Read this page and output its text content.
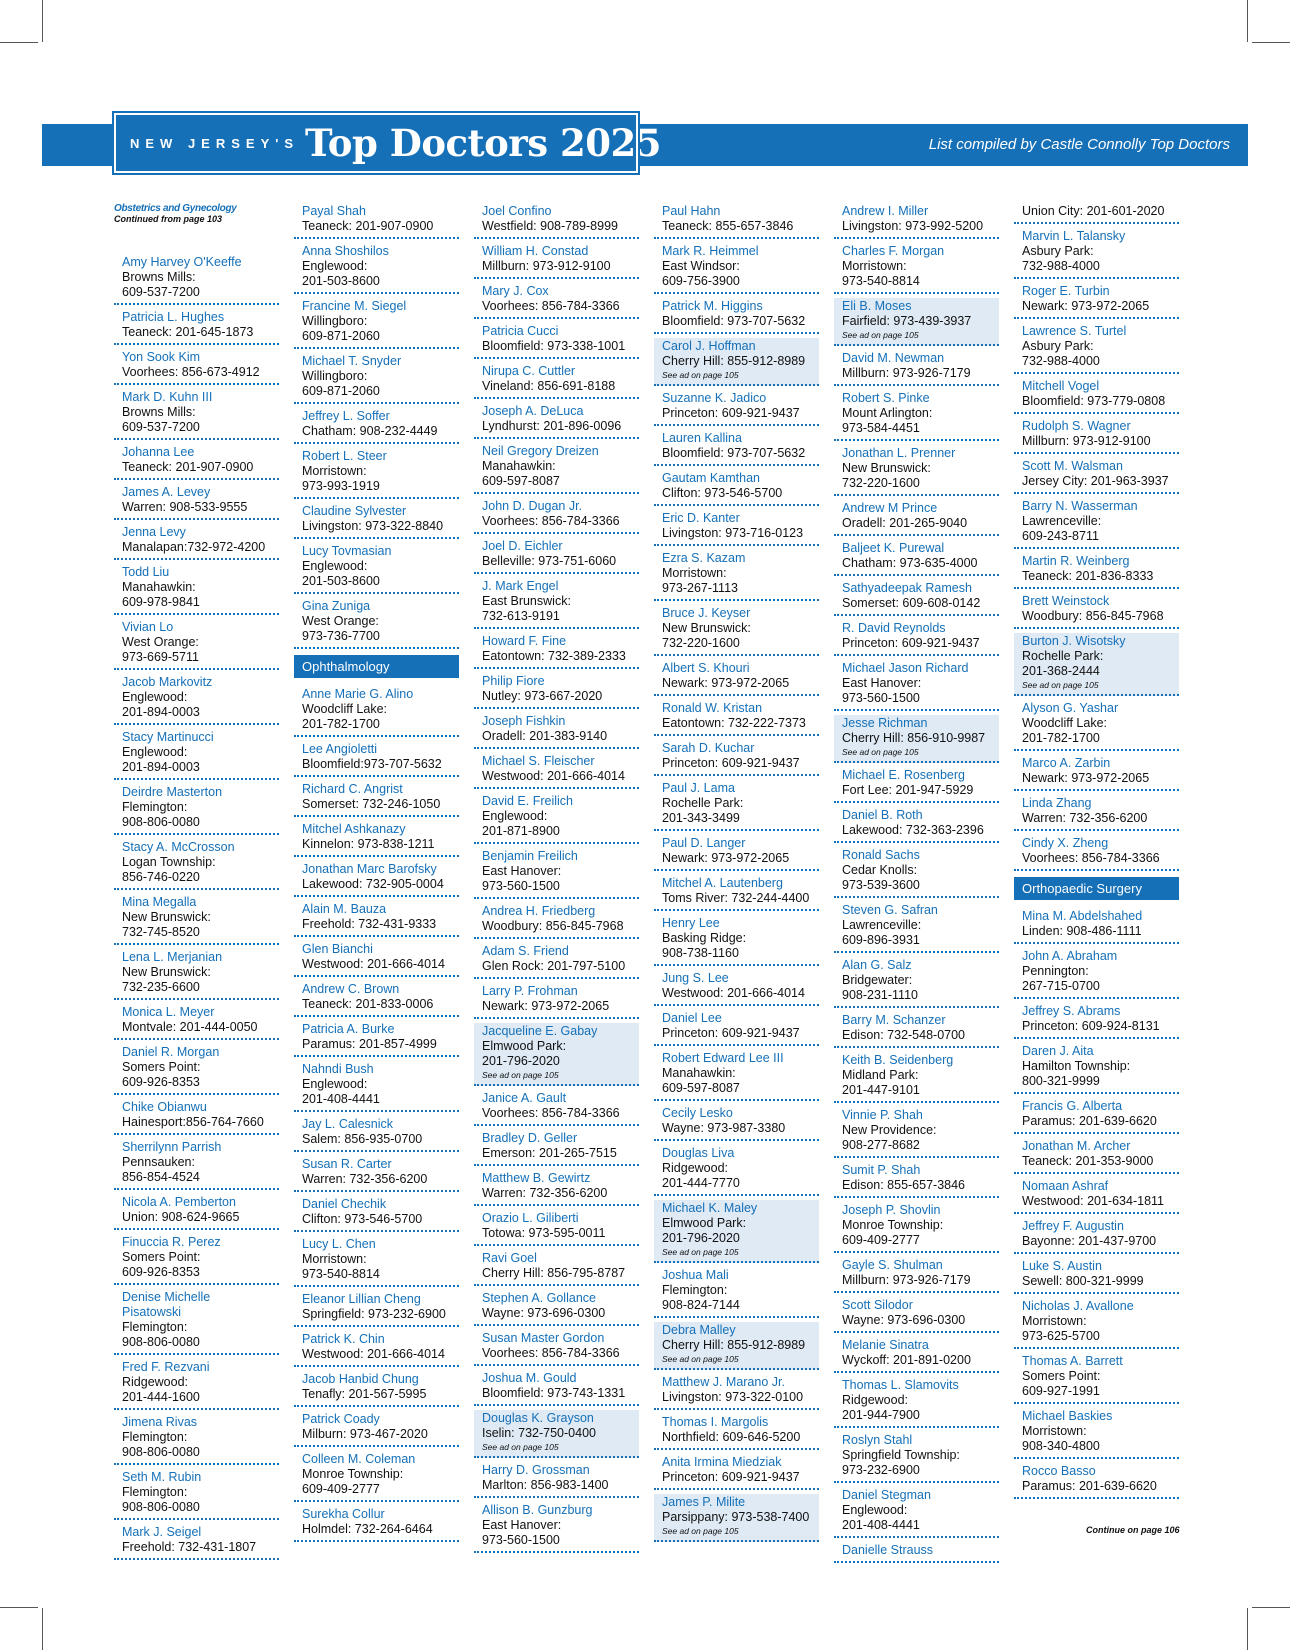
NEW JERSEY'S Top Doctors 2025	List compiled by Castle Connolly Top Doctors
Obstetrics and Gynecology
Continued from page 103
Amy Harvey O'Keeffe
Browns Mills:
609-537-7200
Patricia L. Hughes
Teaneck: 201-645-1873
Yon Sook Kim
Voorhees: 856-673-4912
Mark D. Kuhn III
Browns Mills:
609-537-7200
Johanna Lee
Teaneck: 201-907-0900
James A. Levey
Warren: 908-533-9555
Jenna Levy
Manalapan:732-972-4200
Todd Liu
Manahawkin:
609-978-9841
Vivian Lo
West Orange:
973-669-5711
Jacob Markovitz
Englewood:
201-894-0003
Stacy Martinucci
Englewood:
201-894-0003
Deirdre Masterton
Flemington:
908-806-0080
Stacy A. McCrosson
Logan Township:
856-746-0220
Mina Megalla
New Brunswick:
732-745-8520
Lena L. Merjanian
New Brunswick:
732-235-6600
Monica L. Meyer
Montvale: 201-444-0050
Daniel R. Morgan
Somers Point:
609-926-8353
Chike Obianwu
Hainesport:856-764-7660
Sherrilynn Parrish
Pennsauken:
856-854-4524
Nicola A. Pemberton
Union: 908-624-9665
Finuccia R. Perez
Somers Point:
609-926-8353
Denise Michelle
Pisatowski
Flemington:
908-806-0080
Fred F. Rezvani
Ridgewood:
201-444-1600
Jimena Rivas
Flemington:
908-806-0080
Seth M. Rubin
Flemington:
908-806-0080
Mark J. Seigel
Freehold: 732-431-1807
Payal Shah
Teaneck: 201-907-0900
Anna Shoshilos
Englewood:
201-503-8600
Francine M. Siegel
Willingboro:
609-871-2060
Michael T. Snyder
Willingboro:
609-871-2060
Jeffrey L. Soffer
Chatham: 908-232-4449
Robert L. Steer
Morristown:
973-993-1919
Claudine Sylvester
Livingston: 973-322-8840
Lucy Tovmasian
Englewood:
201-503-8600
Gina Zuniga
West Orange:
973-736-7700
Ophthalmology
Anne Marie G. Alino
Woodcliff Lake:
201-782-1700
Lee Angioletti
Bloomfield:973-707-5632
Richard C. Angrist
Somerset: 732-246-1050
Mitchel Ashkanazy
Kinnelon: 973-838-1211
Jonathan Marc Barofsky
Lakewood: 732-905-0004
Alain M. Bauza
Freehold: 732-431-9333
Glen Bianchi
Westwood: 201-666-4014
Andrew C. Brown
Teaneck: 201-833-0006
Patricia A. Burke
Paramus: 201-857-4999
Nahndi Bush
Englewood:
201-408-4441
Jay L. Calesnick
Salem: 856-935-0700
Susan R. Carter
Warren: 732-356-6200
Daniel Chechik
Clifton: 973-546-5700
Lucy L. Chen
Morristown:
973-540-8814
Eleanor Lillian Cheng
Springfield: 973-232-6900
Patrick K. Chin
Westwood: 201-666-4014
Jacob Hanbid Chung
Tenafly: 201-567-5995
Patrick Coady
Milburn: 973-467-2020
Colleen M. Coleman
Monroe Township:
609-409-2777
Surekha Collur
Holmdel: 732-264-6464
Joel Confino
Westfield: 908-789-8999
William H. Constad
Millburn: 973-912-9100
Mary J. Cox
Voorhees: 856-784-3366
Patricia Cucci
Bloomfield: 973-338-1001
Nirupa C. Cuttler
Vineland: 856-691-8188
Joseph A. DeLuca
Lyndhurst: 201-896-0096
Neil Gregory Dreizen
Manahawkin:
609-597-8087
John D. Dugan Jr.
Voorhees: 856-784-3366
Joel D. Eichler
Belleville: 973-751-6060
J. Mark Engel
East Brunswick:
732-613-9191
Howard F. Fine
Eatontown: 732-389-2333
Philip Fiore
Nutley: 973-667-2020
Joseph Fishkin
Oradell: 201-383-9140
Michael S. Fleischer
Westwood: 201-666-4014
David E. Freilich
Englewood:
201-871-8900
Benjamin Freilich
East Hanover:
973-560-1500
Andrea H. Friedberg
Woodbury: 856-845-7968
Adam S. Friend
Glen Rock: 201-797-5100
Larry P. Frohman
Newark: 973-972-2065
Jacqueline E. Gabay
Elmwood Park:
201-796-2020
See ad on page 105
Janice A. Gault
Voorhees: 856-784-3366
Bradley D. Geller
Emerson: 201-265-7515
Matthew B. Gewirtz
Warren: 732-356-6200
Orazio L. Giliberti
Totowa: 973-595-0011
Ravi Goel
Cherry Hill: 856-795-8787
Stephen A. Gollance
Wayne: 973-696-0300
Susan Master Gordon
Voorhees: 856-784-3366
Joshua M. Gould
Bloomfield: 973-743-1331
Douglas K. Grayson
Iselin: 732-750-0400
See ad on page 105
Harry D. Grossman
Marlton: 856-983-1400
Allison B. Gunzburg
East Hanover:
973-560-1500
Paul Hahn
Teaneck: 855-657-3846
Mark R. Heimmel
East Windsor:
609-756-3900
Patrick M. Higgins
Bloomfield: 973-707-5632
Carol J. Hoffman
Cherry Hill: 855-912-8989
See ad on page 105
Suzanne K. Jadico
Princeton: 609-921-9437
Lauren Kallina
Bloomfield: 973-707-5632
Gautam Kamthan
Clifton: 973-546-5700
Eric D. Kanter
Livingston: 973-716-0123
Ezra S. Kazam
Morristown:
973-267-1113
Bruce J. Keyser
New Brunswick:
732-220-1600
Albert S. Khouri
Newark: 973-972-2065
Ronald W. Kristan
Eatontown: 732-222-7373
Sarah D. Kuchar
Princeton: 609-921-9437
Paul J. Lama
Rochelle Park:
201-343-3499
Paul D. Langer
Newark: 973-972-2065
Mitchel A. Lautenberg
Toms River: 732-244-4400
Henry Lee
Basking Ridge:
908-738-1160
Jung S. Lee
Westwood: 201-666-4014
Daniel Lee
Princeton: 609-921-9437
Robert Edward Lee III
Manahawkin:
609-597-8087
Cecily Lesko
Wayne: 973-987-3380
Douglas Liva
Ridgewood:
201-444-7770
Michael K. Maley
Elmwood Park:
201-796-2020
See ad on page 105
Joshua Mali
Flemington:
908-824-7144
Debra Malley
Cherry Hill: 855-912-8989
See ad on page 105
Matthew J. Marano Jr.
Livingston: 973-322-0100
Thomas I. Margolis
Northfield: 609-646-5200
Anita Irmina Miedziak
Princeton: 609-921-9437
James P. Milite
Parsippany: 973-538-7400
See ad on page 105
Andrew I. Miller
Livingston: 973-992-5200
Charles F. Morgan
Morristown:
973-540-8814
Eli B. Moses
Fairfield: 973-439-3937
See ad on page 105
David M. Newman
Millburn: 973-926-7179
Robert S. Pinke
Mount Arlington:
973-584-4451
Jonathan L. Prenner
New Brunswick:
732-220-1600
Andrew M Prince
Oradell: 201-265-9040
Baljeet K. Purewal
Chatham: 973-635-4000
Sathyadeepak Ramesh
Somerset: 609-608-0142
R. David Reynolds
Princeton: 609-921-9437
Michael Jason Richard
East Hanover:
973-560-1500
Jesse Richman
Cherry Hill: 856-910-9987
See ad on page 105
Michael E. Rosenberg
Fort Lee: 201-947-5929
Daniel B. Roth
Lakewood: 732-363-2396
Ronald Sachs
Cedar Knolls:
973-539-3600
Steven G. Safran
Lawrenceville:
609-896-3931
Alan G. Salz
Bridgewater:
908-231-1110
Barry M. Schanzer
Edison: 732-548-0700
Keith B. Seidenberg
Midland Park:
201-447-9101
Vinnie P. Shah
New Providence:
908-277-8682
Sumit P. Shah
Edison: 855-657-3846
Joseph P. Shovlin
Monroe Township:
609-409-2777
Gayle S. Shulman
Millburn: 973-926-7179
Scott Silodor
Wayne: 973-696-0300
Melanie Sinatra
Wyckoff: 201-891-0200
Thomas L. Slamovits
Ridgewood:
201-944-7900
Roslyn Stahl
Springfield Township:
973-232-6900
Daniel Stegman
Englewood:
201-408-4441
Danielle Strauss
Union City: 201-601-2020
Marvin L. Talansky
Asbury Park:
732-988-4000
Roger E. Turbin
Newark: 973-972-2065
Lawrence S. Turtel
Asbury Park:
732-988-4000
Mitchell Vogel
Bloomfield: 973-779-0808
Rudolph S. Wagner
Millburn: 973-912-9100
Scott M. Walsman
Jersey City: 201-963-3937
Barry N. Wasserman
Lawrenceville:
609-243-8711
Martin R. Weinberg
Teaneck: 201-836-8333
Brett Weinstock
Woodbury: 856-845-7968
Burton J. Wisotsky
Rochelle Park:
201-368-2444
See ad on page 105
Alyson G. Yashar
Woodcliff Lake:
201-782-1700
Marco A. Zarbin
Newark: 973-972-2065
Linda Zhang
Warren: 732-356-6200
Cindy X. Zheng
Voorhees: 856-784-3366
Orthopaedic Surgery
Mina M. Abdelshahed
Linden: 908-486-1111
John A. Abraham
Pennington:
267-715-0700
Jeffrey S. Abrams
Princeton: 609-924-8131
Daren J. Aita
Hamilton Township:
800-321-9999
Francis G. Alberta
Paramus: 201-639-6620
Jonathan M. Archer
Teaneck: 201-353-9000
Nomaan Ashraf
Westwood: 201-634-1811
Jeffrey F. Augustin
Bayonne: 201-437-9700
Luke S. Austin
Sewell: 800-321-9999
Nicholas J. Avallone
Morristown:
973-625-5700
Thomas A. Barrett
Somers Point:
609-927-1991
Michael Baskies
Morristown:
908-340-4800
Rocco Basso
Paramus: 201-639-6620
Continue on page 106
